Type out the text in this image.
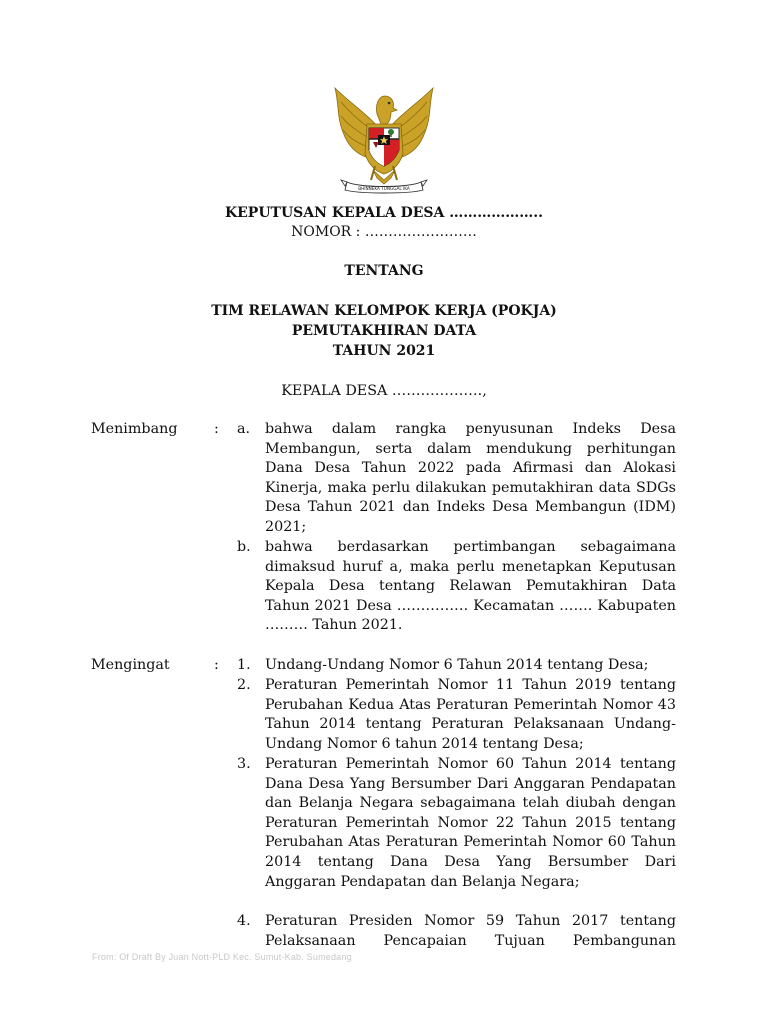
BHINNEKA TUNGGAL IKA
KEPUTUSAN KEPALA DESA ………………..
NOMOR : ……………………
TENTANG
TIM RELAWAN KELOMPOK KERJA (POKJA)
PEMUTAKHIRAN DATA
TAHUN 2021
KEPALA DESA ……………….,
Menimbang	: a. bahwa dalam rangka penyusunan Indeks Desa Membangun, serta dalam mendukung perhitungan Dana Desa Tahun 2022 pada Afirmasi dan Alokasi Kinerja, maka perlu dilakukan pemutakhiran data SDGs Desa Tahun 2021 dan Indeks Desa Membangun (IDM) 2021;
b. bahwa berdasarkan pertimbangan sebagaimana dimaksud huruf a, maka perlu menetapkan Keputusan Kepala Desa tentang Relawan Pemutakhiran Data Tahun 2021 Desa …………… Kecamatan ……. Kabupaten ……… Tahun 2021.
Mengingat	: 1. Undang-Undang Nomor 6 Tahun 2014 tentang Desa;
2. Peraturan Pemerintah Nomor 11 Tahun 2019 tentang Perubahan Kedua Atas Peraturan Pemerintah Nomor 43 Tahun 2014 tentang Peraturan Pelaksanaan Undang-Undang Nomor 6 tahun 2014 tentang Desa;
3. Peraturan Pemerintah Nomor 60 Tahun 2014 tentang Dana Desa Yang Bersumber Dari Anggaran Pendapatan dan Belanja Negara sebagaimana telah diubah dengan Peraturan Pemerintah Nomor 22 Tahun 2015 tentang Perubahan Atas Peraturan Pemerintah Nomor 60 Tahun 2014 tentang Dana Desa Yang Bersumber Dari Anggaran Pendapatan dan Belanja Negara;
4. Peraturan Presiden Nomor 59 Tahun 2017 tentang Pelaksanaan Pencapaian Tujuan Pembangunan
From: Of Draft By Juan Nott-PLD Kec. Sumut-Kab. Sumedang
